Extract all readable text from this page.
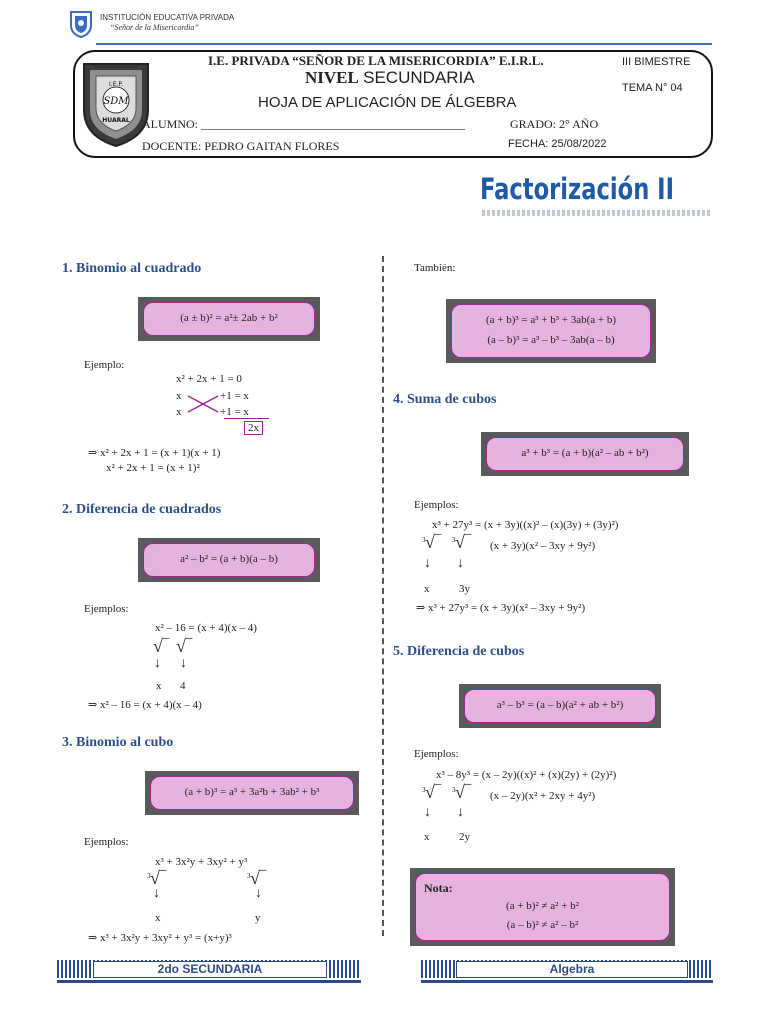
INSTITUCIÓN EDUCATIVA PRIVADA
“Señor de la Misericordia”
I.E.P.
SDM
HUARAL
I.E. PRIVADA “SEÑOR DE LA MISERICORDIA” E.I.R.L.
NIVEL SECUNDARIA
HOJA DE APLICACIÓN DE ÁLGEBRA
III BIMESTRE
TEMA N° 04
ALUMNO: ____________________________________________	GRADO: 2° AÑO
DOCENTE: PEDRO GAITAN FLORES	FECHA: 25/08/2022
Factorización II
1. Binomio al cuadrado
(a ± b)² = a²± 2ab + b²
Ejemplo:
x² + 2x + 1 = 0
x	+1 = x
x	+1 = x
2x
⇒ x² + 2x + 1 = (x + 1)(x + 1)
x² + 2x + 1 = (x + 1)²
2. Diferencia de cuadrados
a² – b² = (a + b)(a – b)
Ejemplos:
x² – 16 = (x + 4)(x – 4)
√‾ √‾
↓ ↓
x 4
⇒ x² – 16 = (x + 4)(x – 4)
3. Binomio al cubo
(a + b)³ = a³ + 3a²b + 3ab² + b³
Ejemplos:
x³ + 3x²y + 3xy² + y³
3 √‾	3 √‾
↓	↓
x	y
⇒ x³ + 3x²y + 3xy² + y³ = (x+y)³
También:
(a + b)³ = a³ + b³ + 3ab(a + b)
(a – b)³ = a³ – b³ – 3ab(a – b)
4. Suma de cubos
a³ + b³ = (a + b)(a² – ab + b²)
Ejemplos:
x³ + 27y³ = (x + 3y)((x)² – (x)(3y) + (3y)²)
3 √‾ 3 √‾ (x + 3y)(x² – 3xy + 9y²)
↓ ↓
x	3y
⇒ x³ + 27y³ = (x + 3y)(x² – 3xy + 9y²)
5. Diferencia de cubos
a³ – b³ = (a – b)(a² + ab + b²)
Ejemplos:
x³ – 8y³ = (x – 2y)((x)² + (x)(2y) + (2y)²)
3 √‾ 3 √‾ (x – 2y)(x² + 2xy + 4y²)
↓ ↓
x	2y
Nota:
(a + b)² ≠ a² + b²
(a – b)² ≠ a² – b²
2do SECUNDARIA	Algebra
